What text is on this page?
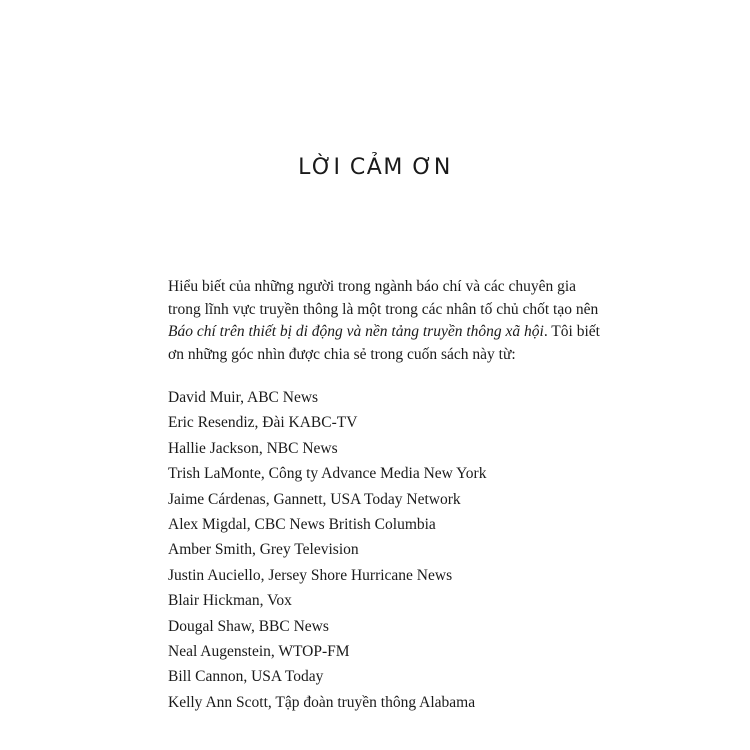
LỜI CẢM ƠN

Hiểu biết của những người trong ngành báo chí và các chuyên gia

trong lĩnh vực truyền thông là một trong các nhân tố chủ chốt tạo nên

Báo chí trên thiết bị di động và nền tảng truyền thông xã hội. Tôi biết

ơn những góc nhìn được chia sẻ trong cuốn sách này từ:

David Muir, ABC News
Eric Resendiz, Đài KABC-TV
Hallie Jackson, NBC News
Trish LaMonte, Công ty Advance Media New York
Jaime Cárdenas, Gannett, USA Today Network
Alex Migdal, CBC News British Columbia
Amber Smith, Grey Television
Justin Auciello, Jersey Shore Hurricane News
Blair Hickman, Vox
Dougal Shaw, BBC News
Neal Augenstein, WTOP-FM
Bill Cannon, USA Today
Kelly Ann Scott, Tập đoàn truyền thông Alabama
